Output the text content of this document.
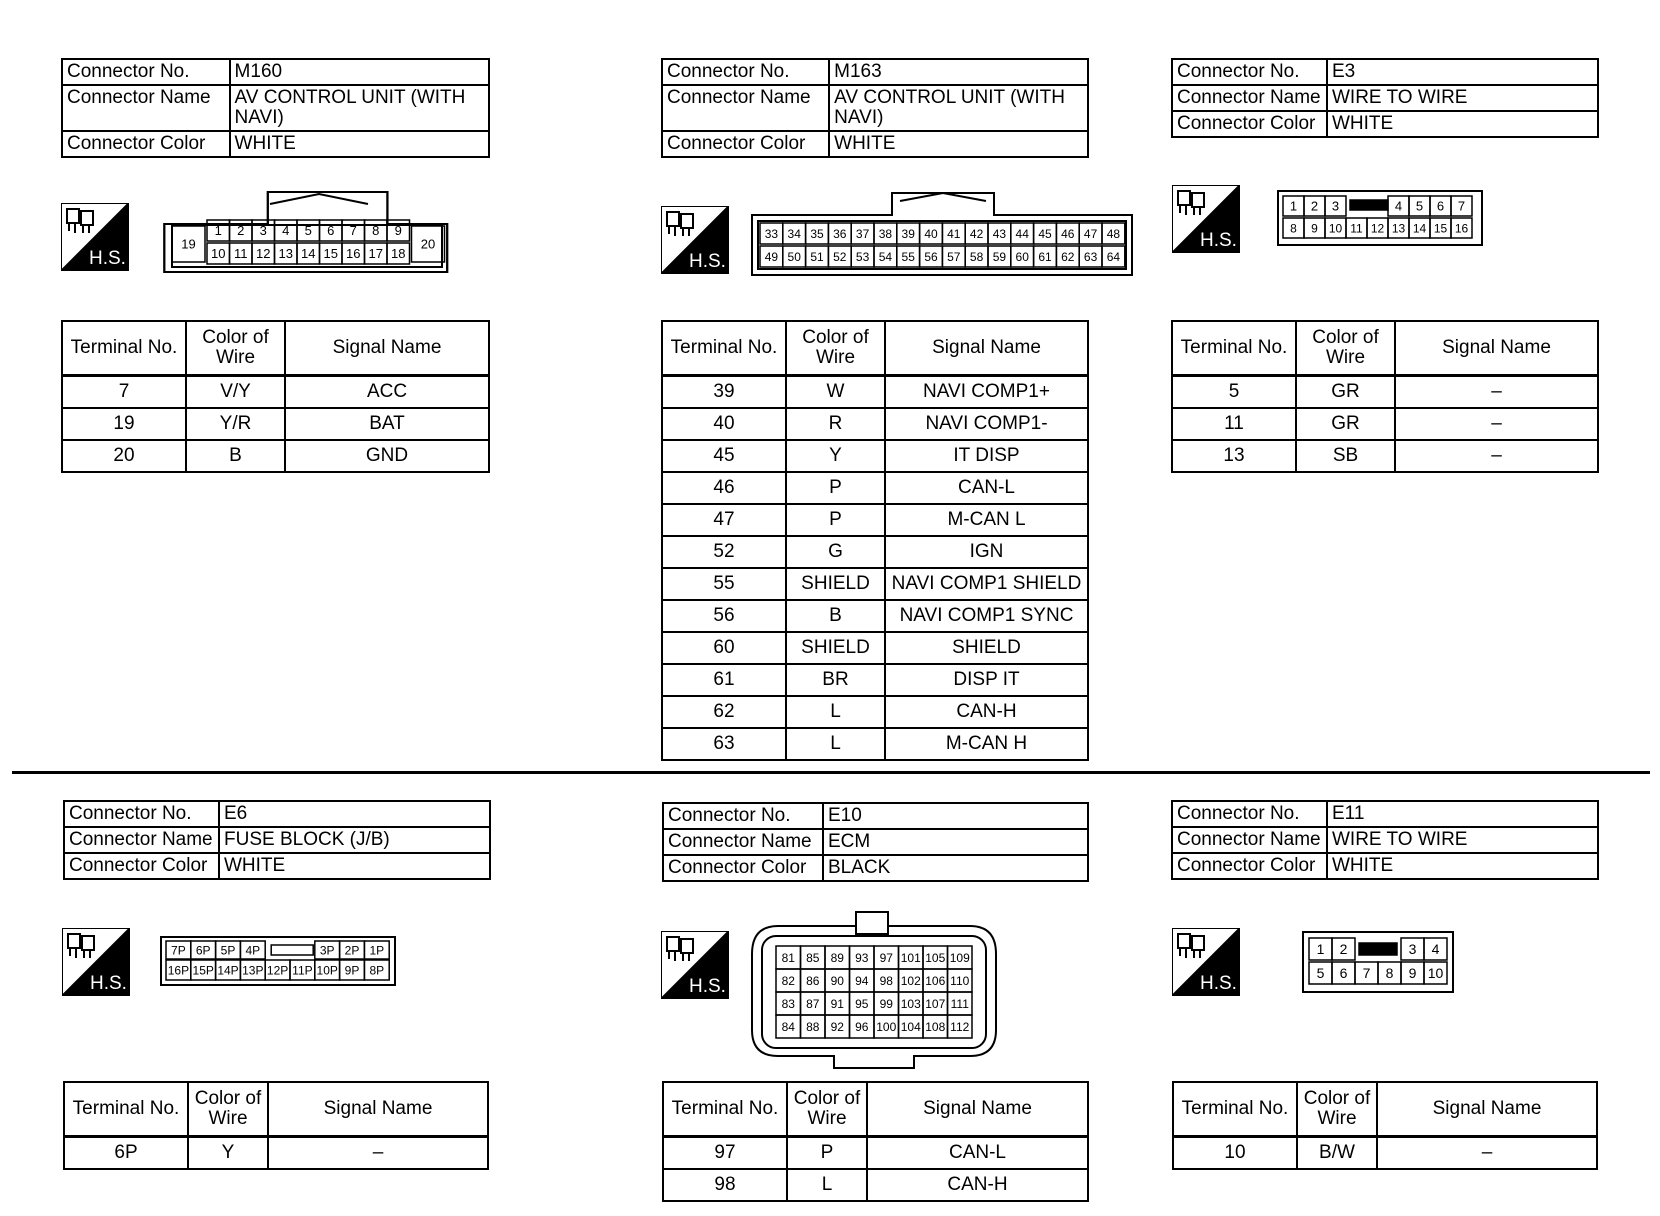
Connector No.	M160
Connector Name	AV CONTROL UNIT (WITH NAVI)
Connector Color	WHITE
H.S.
1 2 3 4 5 6 7 8 9
10 11 12 13 14 15 16 17 18
19	20
Terminal No.	Color of Wire	Signal Name
7	V/Y	ACC
19	Y/R	BAT
20	B	GND
Connector No.	M163
Connector Name	AV CONTROL UNIT (WITH NAVI)
Connector Color	WHITE
H.S.
33 34 35 36 37 38 39 40 41 42 43 44 45 46 47 48
49 50 51 52 53 54 55 56 57 58 59 60 61 62 63 64
Terminal No.	Color of Wire	Signal Name
39	W	NAVI COMP1+
40	R	NAVI COMP1-
45	Y	IT DISP
46	P	CAN-L
47	P	M-CAN L
52	G	IGN
55	SHIELD	NAVI COMP1 SHIELD
56	B	NAVI COMP1 SYNC
60	SHIELD	SHIELD
61	BR	DISP IT
62	L	CAN-H
63	L	M-CAN H
Connector No.	E3
Connector Name	WIRE TO WIRE
Connector Color	WHITE
H.S.
1 2 3	4 5 6 7
8 9 10 11 12 13 14 15 16
Terminal No.	Color of Wire	Signal Name
5	GR	–
11	GR	–
13	SB	–
Connector No.	E6
Connector Name	FUSE BLOCK (J/B)
Connector Color	WHITE
H.S.
7P 6P 5P 4P	3P 2P 1P
16P 15P 14P 13P 12P 11P 10P 9P 8P
Terminal No.	Color of Wire	Signal Name
6P	Y	–
Connector No.	E10
Connector Name	ECM
Connector Color	BLACK
H.S.
81 85 89 93 97 101 105 109
82 86 90 94 98 102 106 110
83 87 91 95 99 103 107 111
84 88 92 96 100 104 108 112
Terminal No.	Color of Wire	Signal Name
97	P	CAN-L
98	L	CAN-H
Connector No.	E11
Connector Name	WIRE TO WIRE
Connector Color	WHITE
H.S.
1 2	3 4
5 6 7 8 9 10
Terminal No.	Color of Wire	Signal Name
10	B/W	–
